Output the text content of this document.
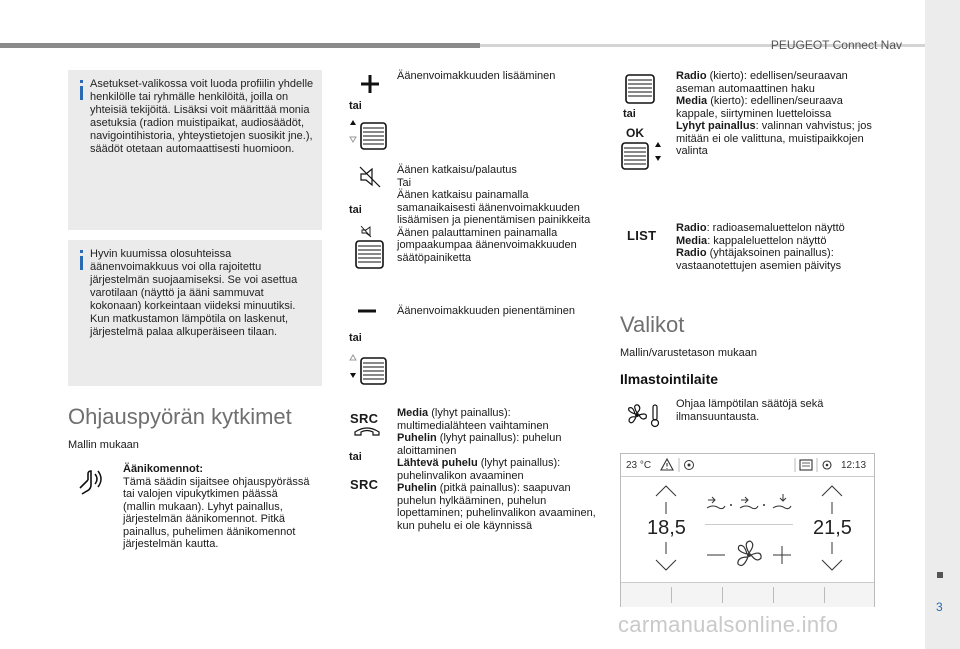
PEUGEOT Connect Nav
3
carmanualsonline.info
Asetukset-valikossa voit luoda profiilin yhdelle henkilölle tai ryhmälle henkilöitä, joilla on yhteisiä tekijöitä. Lisäksi voit määrittää monia asetuksia (radion muistipaikat, audiosäädöt, navigointihistoria, yhteystietojen suosikit jne.), säädöt otetaan automaattisesti huomioon.
Hyvin kuumissa olosuhteissa äänenvoimakkuus voi olla rajoitettu järjestelmän suojaamiseksi. Se voi asettua varotilaan (näyttö ja ääni sammuvat kokonaan) korkeintaan viideksi minuutiksi. Kun matkustamon lämpötila on laskenut, järjestelmä palaa alkuperäiseen tilaan.
Ohjauspyörän kytkimet
Mallin mukaan
Äänikomennot:
Tämä säädin sijaitsee ohjauspyörässä tai valojen vipukytkimen päässä (mallin mukaan). Lyhyt painallus, järjestelmän äänikomennot. Pitkä painallus, puhelimen äänikomennot järjestelmän kautta.
tai
tai
tai
SRC
tai
SRC
Äänenvoimakkuuden lisääminen
Äänen katkaisu/palautus
Tai
Äänen katkaisu painamalla samanaikaisesti äänenvoimakkuuden lisäämisen ja pienentämisen painikkeita
Äänen palauttaminen painamalla jompaakumpaa äänenvoimakkuuden säätöpainiketta
Äänenvoimakkuuden pienentäminen
Media (lyhyt painallus): multimedialähteen vaihtaminen
Puhelin (lyhyt painallus): puhelun aloittaminen
Lähtevä puhelu (lyhyt painallus): puhelinvalikon avaaminen
Puhelin (pitkä painallus): saapuvan puhelun hylkääminen, puhelun lopettaminen; puhelinvalikon avaaminen, kun puhelu ei ole käynnissä
tai
OK
LIST
Radio (kierto): edellisen/seuraavan aseman automaattinen haku
Media (kierto): edellinen/seuraava kappale, siirtyminen luetteloissa
Lyhyt painallus: valinnan vahvistus; jos mitään ei ole valittuna, muistipaikkojen valinta
Radio: radioasemaluettelon näyttö
Media: kappaleluettelon näyttö
Radio (yhtäjaksoinen painallus): vastaanotettujen asemien päivitys
Valikot
Mallin/varustetason mukaan
Ilmastointilaite
Ohjaa lämpötilan säätöjä sekä ilmansuuntausta.
23 °C	12:13
18,5	21,5
